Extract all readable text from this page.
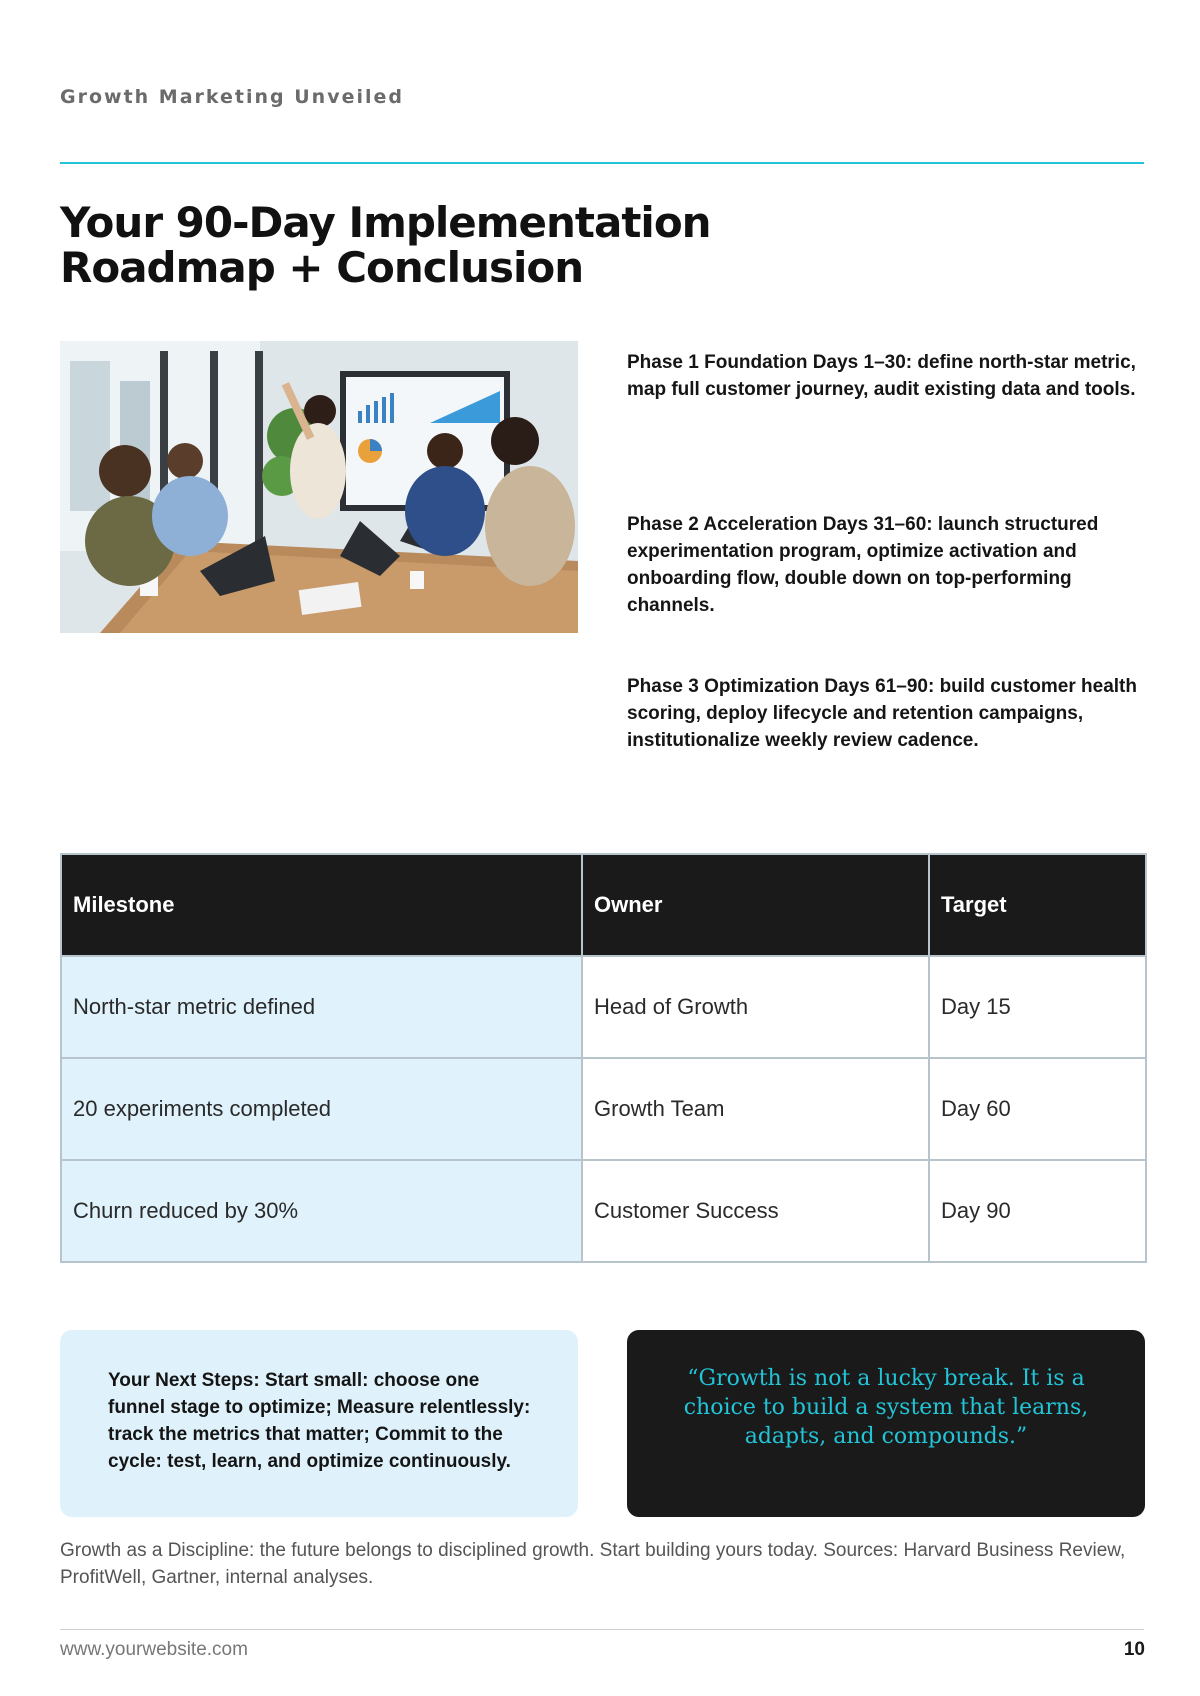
Growth Marketing Unveiled
Your 90-Day Implementation
Roadmap + Conclusion

Phase 1 Foundation Days 1–30: define north-star metric, map full customer journey, audit existing data and tools.

Phase 2 Acceleration Days 31–60: launch structured experimentation program, optimize activation and onboarding flow, double down on top-performing channels.

Phase 3 Optimization Days 61–90: build customer health scoring, deploy lifecycle and retention campaigns, institutionalize weekly review cadence.

Milestone	Owner	Target
North-star metric defined	Head of Growth	Day 15
20 experiments completed	Growth Team	Day 60
Churn reduced by 30%	Customer Success	Day 90

Your Next Steps: Start small: choose one funnel stage to optimize; Measure relentlessly: track the metrics that matter; Commit to the cycle: test, learn, and optimize continuously.

“Growth is not a lucky break. It is a choice to build a system that learns, adapts, and compounds.”

Growth as a Discipline: the future belongs to disciplined growth. Start building yours today. Sources: Harvard Business Review, ProfitWell, Gartner, internal analyses.

www.yourwebsite.com	10
